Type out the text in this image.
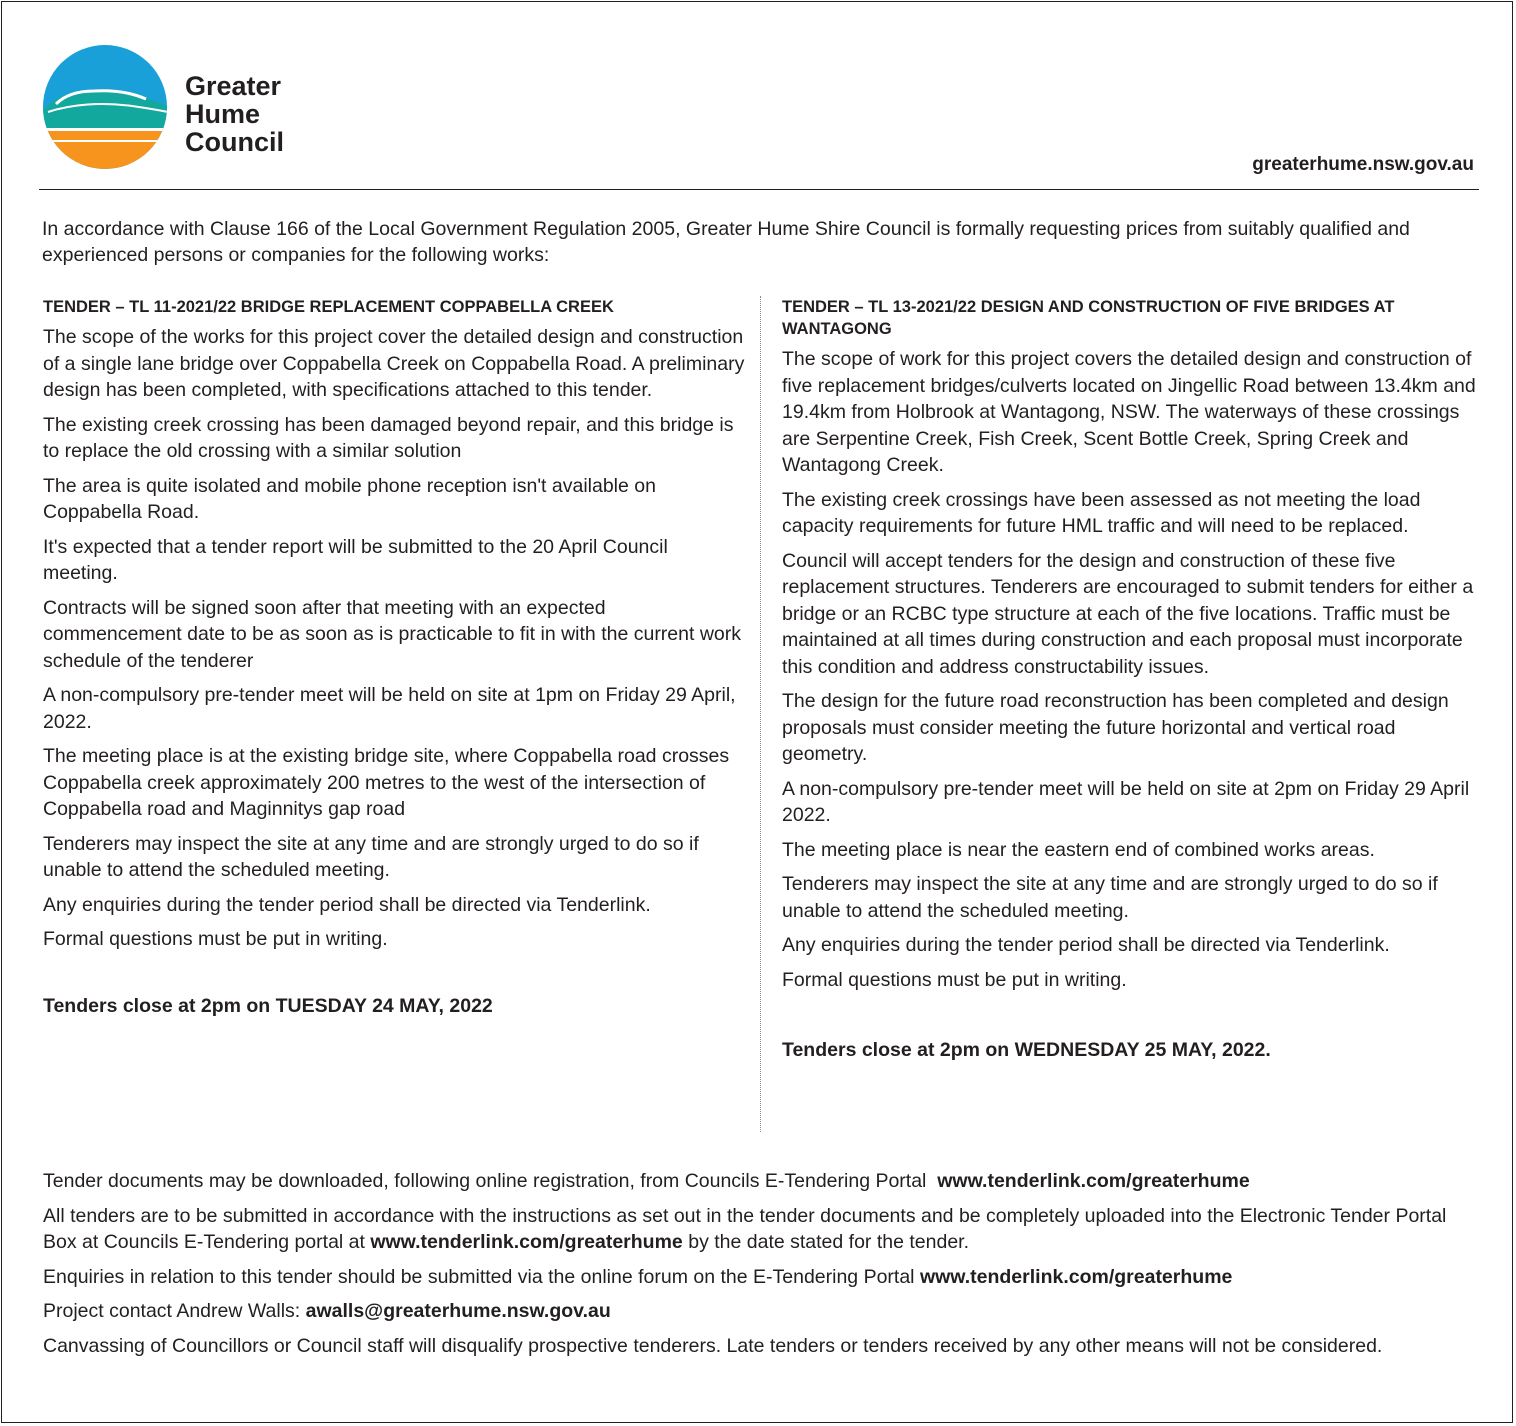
Greater
Hume
Council
greaterhume.nsw.gov.au
In accordance with Clause 166 of the Local Government Regulation 2005, Greater Hume Shire Council is formally requesting prices from suitably qualified and experienced persons or companies for the following works:
TENDER – TL 11-2021/22 BRIDGE REPLACEMENT COPPABELLA CREEK

The scope of the works for this project cover the detailed design and construction of a single lane bridge over Coppabella Creek on Coppabella Road. A preliminary design has been completed, with specifications attached to this tender.

The existing creek crossing has been damaged beyond repair, and this bridge is to replace the old crossing with a similar solution

The area is quite isolated and mobile phone reception isn't available on Coppabella Road.

It's expected that a tender report will be submitted to the 20 April Council meeting.

Contracts will be signed soon after that meeting with an expected commencement date to be as soon as is practicable to fit in with the current work schedule of the tenderer

A non-compulsory pre-tender meet will be held on site at 1pm on Friday 29 April, 2022.

The meeting place is at the existing bridge site, where Coppabella road crosses Coppabella creek approximately 200 metres to the west of the intersection of Coppabella road and Maginnitys gap road

Tenderers may inspect the site at any time and are strongly urged to do so if unable to attend the scheduled meeting.

Any enquiries during the tender period shall be directed via Tenderlink.

Formal questions must be put in writing.

Tenders close at 2pm on TUESDAY 24 MAY, 2022
TENDER – TL 13-2021/22 DESIGN AND CONSTRUCTION OF FIVE BRIDGES AT WANTAGONG

The scope of work for this project covers the detailed design and construction of five replacement bridges/culverts located on Jingellic Road between 13.4km and 19.4km from Holbrook at Wantagong, NSW. The waterways of these crossings are Serpentine Creek, Fish Creek, Scent Bottle Creek, Spring Creek and Wantagong Creek.

The existing creek crossings have been assessed as not meeting the load capacity requirements for future HML traffic and will need to be replaced.

Council will accept tenders for the design and construction of these five replacement structures. Tenderers are encouraged to submit tenders for either a bridge or an RCBC type structure at each of the five locations. Traffic must be maintained at all times during construction and each proposal must incorporate this condition and address constructability issues.

The design for the future road reconstruction has been completed and design proposals must consider meeting the future horizontal and vertical road geometry.

A non-compulsory pre-tender meet will be held on site at 2pm on Friday 29 April 2022.

The meeting place is near the eastern end of combined works areas.

Tenderers may inspect the site at any time and are strongly urged to do so if unable to attend the scheduled meeting.

Any enquiries during the tender period shall be directed via Tenderlink.

Formal questions must be put in writing.

Tenders close at 2pm on WEDNESDAY 25 MAY, 2022.

Tender documents may be downloaded, following online registration, from Councils E-Tendering Portal www.tenderlink.com/greaterhume

All tenders are to be submitted in accordance with the instructions as set out in the tender documents and be completely uploaded into the Electronic Tender Portal Box at Councils E-Tendering portal at www.tenderlink.com/greaterhume by the date stated for the tender.

Enquiries in relation to this tender should be submitted via the online forum on the E-Tendering Portal www.tenderlink.com/greaterhume

Project contact Andrew Walls: awalls@greaterhume.nsw.gov.au

Canvassing of Councillors or Council staff will disqualify prospective tenderers. Late tenders or tenders received by any other means will not be considered.
